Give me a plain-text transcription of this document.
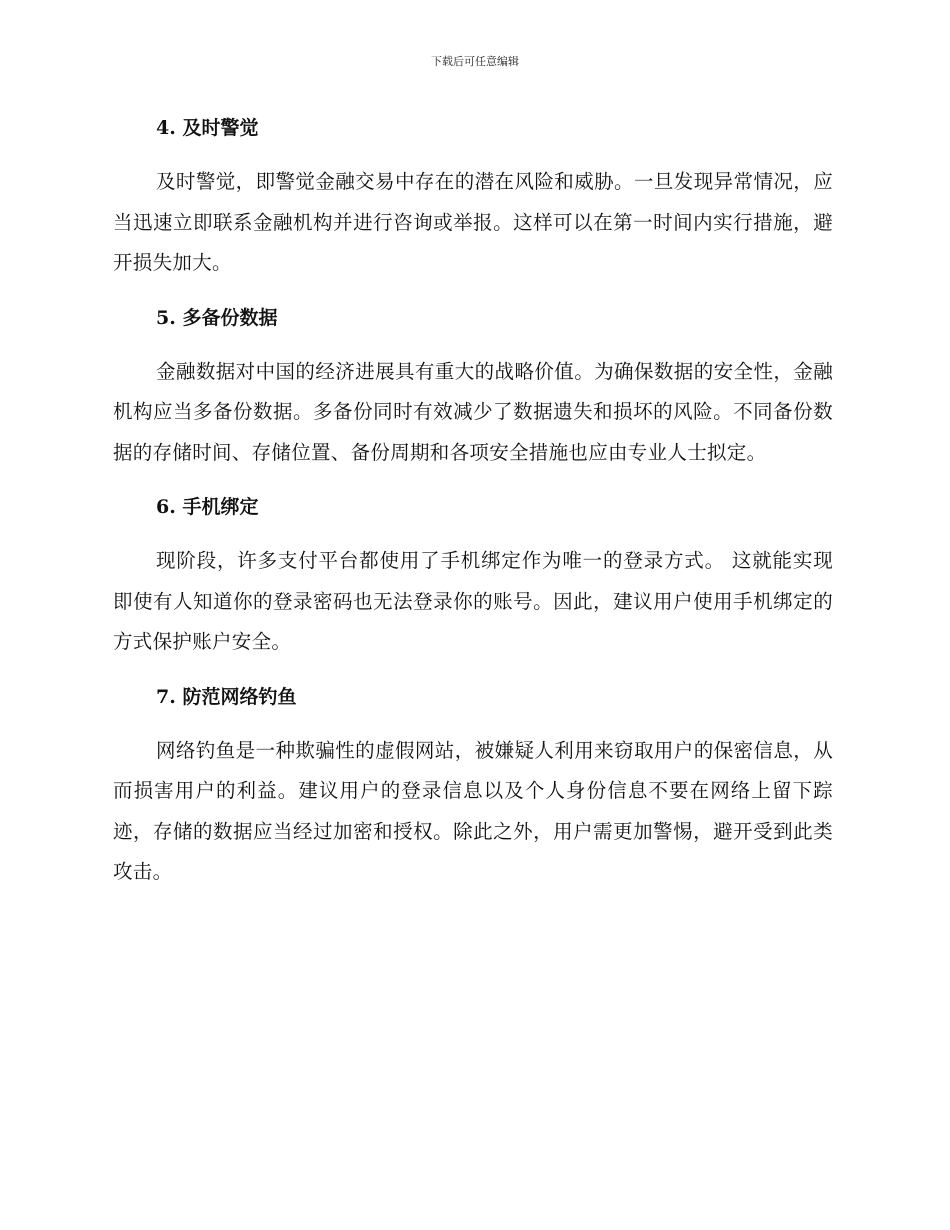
下载后可任意编辑
4. 及时警觉

及时警觉，即警觉金融交易中存在的潜在风险和威胁。一旦发现异常情况，应当迅速立即联系金融机构并进行咨询或举报。这样可以在第一时间内实行措施，避开损失加大。

5. 多备份数据

金融数据对中国的经济进展具有重大的战略价值。为确保数据的安全性，金融机构应当多备份数据。多备份同时有效减少了数据遗失和损坏的风险。不同备份数据的存储时间、存储位置、备份周期和各项安全措施也应由专业人士拟定。

6. 手机绑定

现阶段，许多支付平台都使用了手机绑定作为唯一的登录方式。 这就能实现即使有人知道你的登录密码也无法登录你的账号。因此，建议用户使用手机绑定的方式保护账户安全。

7. 防范网络钓鱼

网络钓鱼是一种欺骗性的虚假网站，被嫌疑人利用来窃取用户的保密信息，从而损害用户的利益。建议用户的登录信息以及个人身份信息不要在网络上留下踪迹，存储的数据应当经过加密和授权。除此之外，用户需更加警惕，避开受到此类攻击。
